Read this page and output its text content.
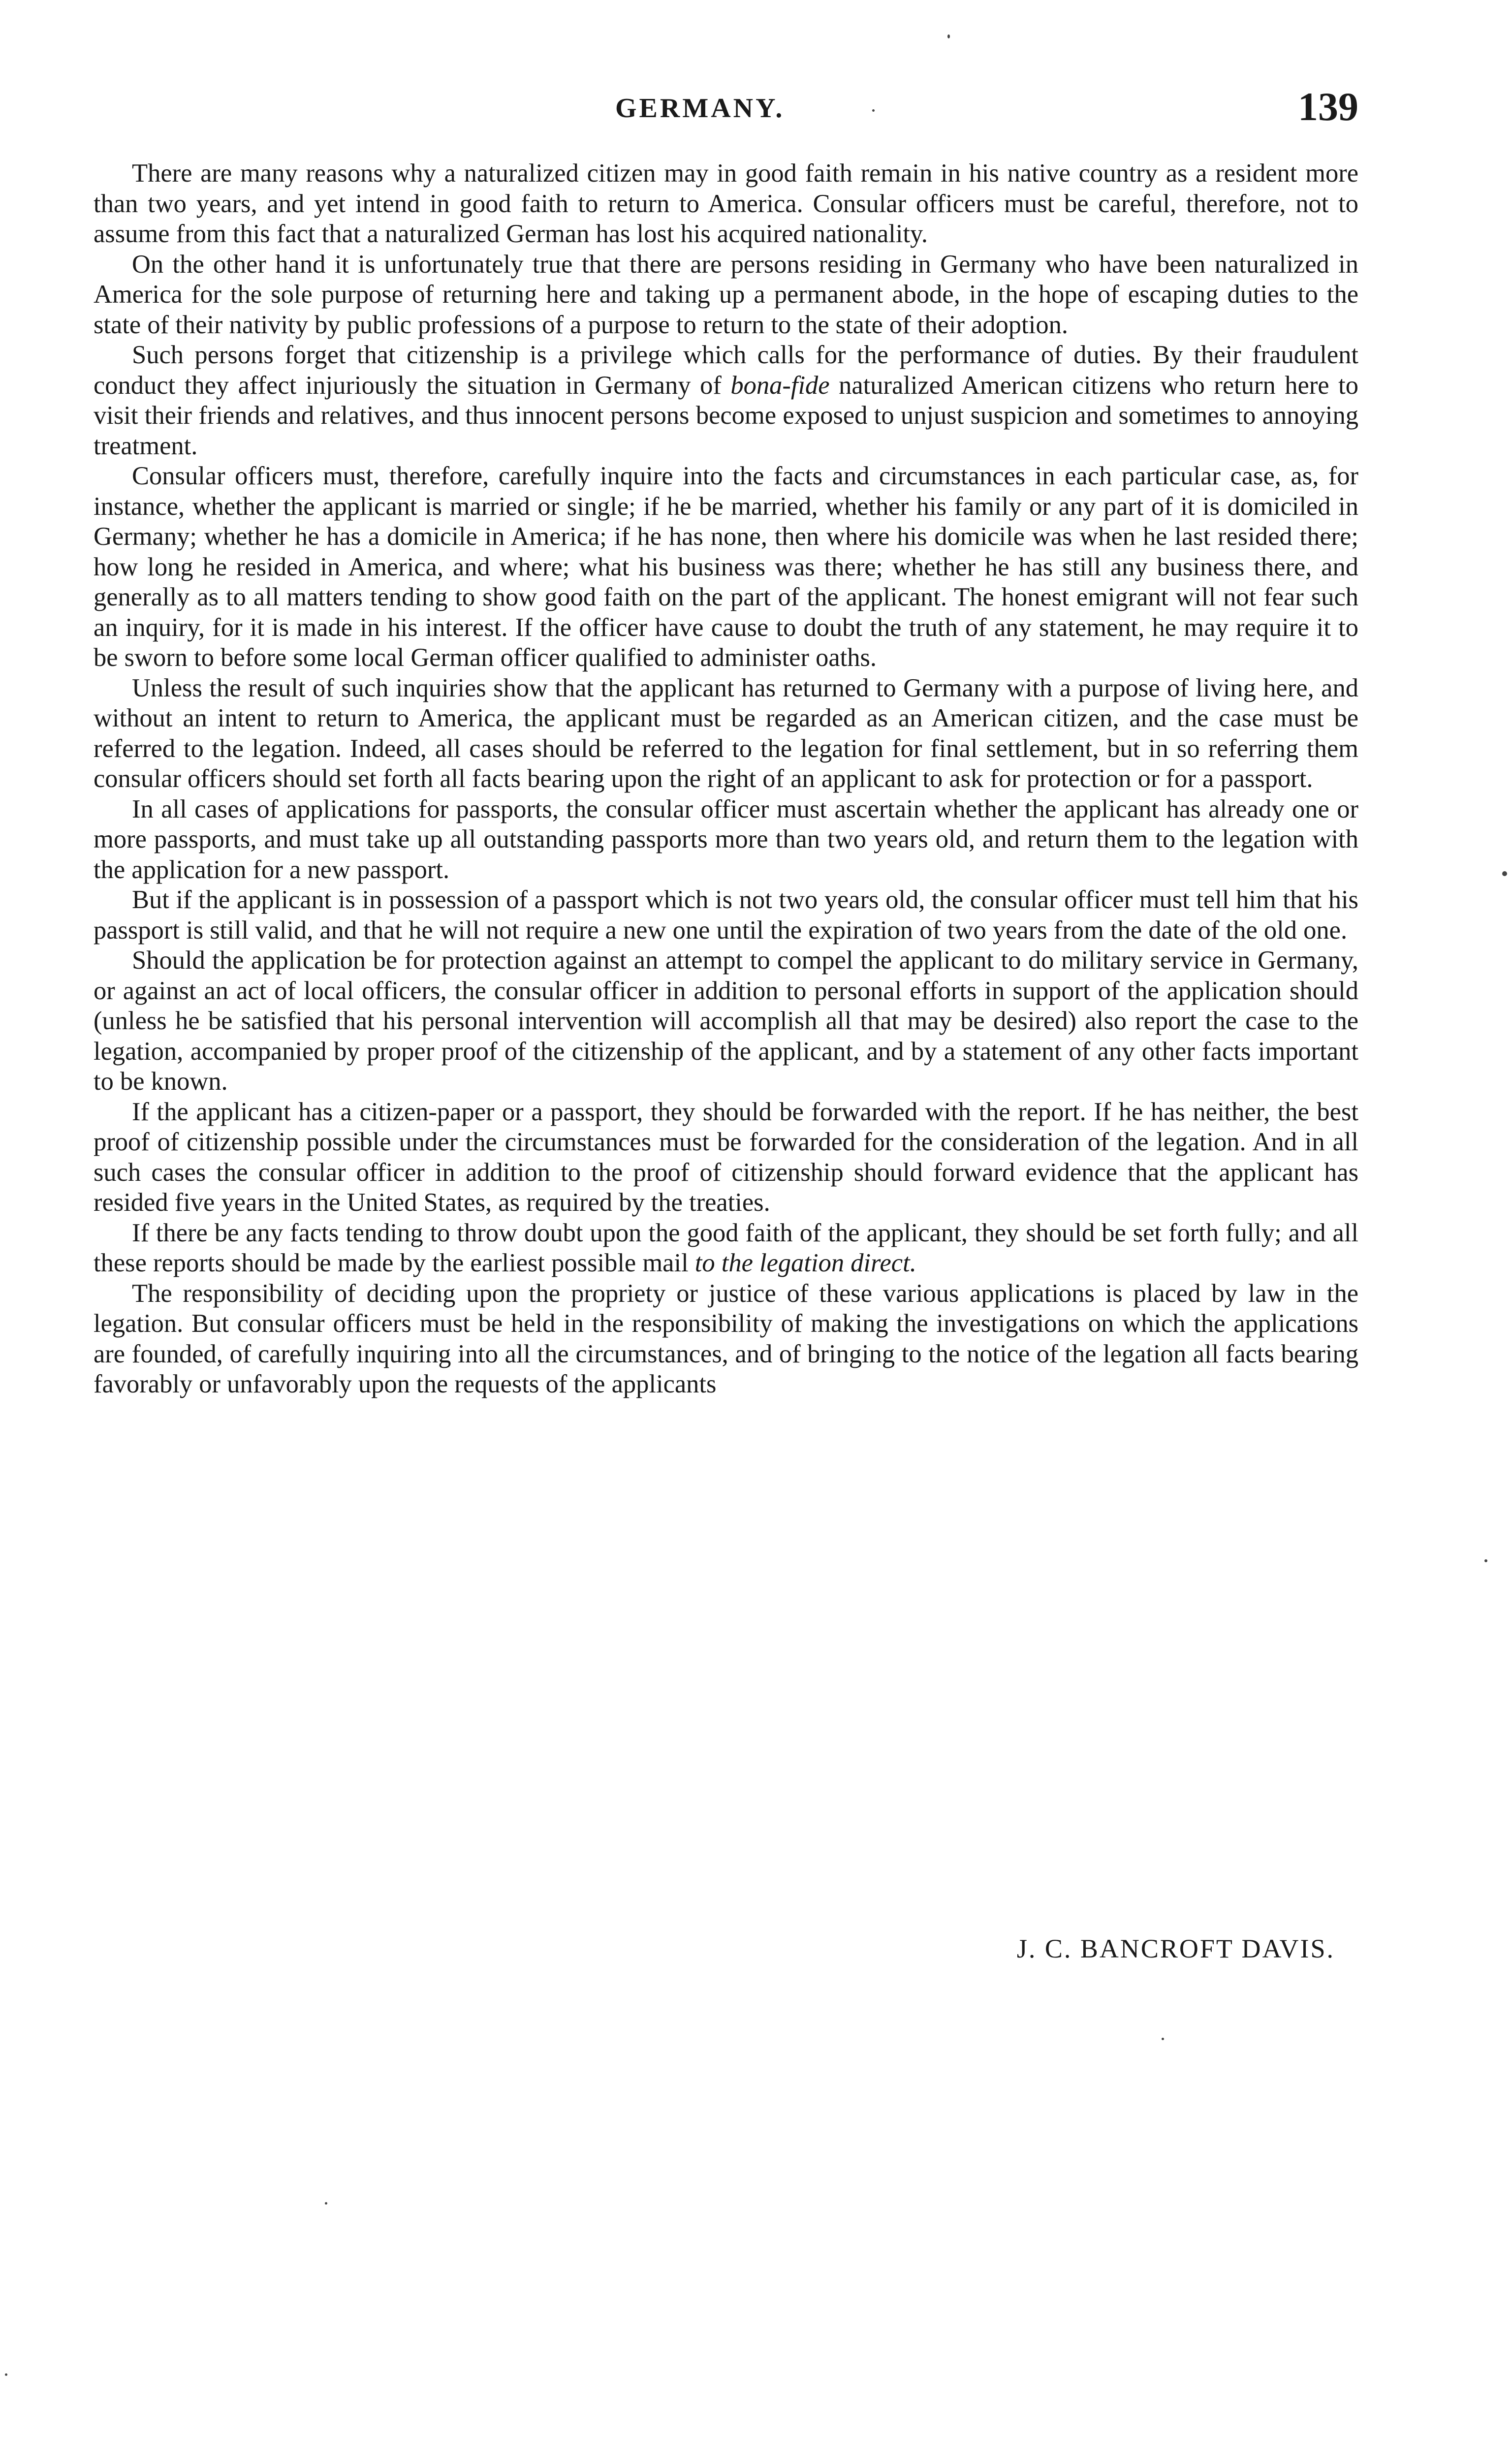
GERMANY.	139

There are many reasons why a naturalized citizen may in good faith remain in his native country as a resident more than two years, and yet intend in good faith to return to America. Consular officers must be careful, therefore, not to assume from this fact that a naturalized German has lost his acquired nationality.

On the other hand it is unfortunately true that there are persons residing in Germany who have been naturalized in America for the sole purpose of returning here and taking up a permanent abode, in the hope of escaping duties to the state of their nativity by public professions of a purpose to return to the state of their adoption.

Such persons forget that citizenship is a privilege which calls for the performance of duties. By their fraudulent conduct they affect injuriously the situation in Germany of bona-fide naturalized American citizens who return here to visit their friends and relatives, and thus innocent persons become exposed to unjust suspicion and sometimes to annoying treatment.

Consular officers must, therefore, carefully inquire into the facts and circumstances in each particular case, as, for instance, whether the applicant is married or single; if he be married, whether his family or any part of it is domiciled in Germany; whether he has a domicile in America; if he has none, then where his domicile was when he last resided there; how long he resided in America, and where; what his business was there; whether he has still any business there, and generally as to all matters tending to show good faith on the part of the applicant. The honest emigrant will not fear such an inquiry, for it is made in his interest. If the officer have cause to doubt the truth of any statement, he may require it to be sworn to before some local German officer qualified to administer oaths.

Unless the result of such inquiries show that the applicant has returned to Germany with a purpose of living here, and without an intent to return to America, the applicant must be regarded as an American citizen, and the case must be referred to the legation. Indeed, all cases should be referred to the legation for final settlement, but in so referring them consular officers should set forth all facts bearing upon the right of an applicant to ask for protection or for a passport.

In all cases of applications for passports, the consular officer must ascertain whether the applicant has already one or more passports, and must take up all outstanding passports more than two years old, and return them to the legation with the application for a new passport.

But if the applicant is in possession of a passport which is not two years old, the consular officer must tell him that his passport is still valid, and that he will not require a new one until the expiration of two years from the date of the old one.

Should the application be for protection against an attempt to compel the applicant to do military service in Germany, or against an act of local officers, the consular officer in addition to personal efforts in support of the application should (unless he be satisfied that his personal intervention will accomplish all that may be desired) also report the case to the legation, accompanied by proper proof of the citizenship of the applicant, and by a statement of any other facts important to be known.

If the applicant has a citizen-paper or a passport, they should be forwarded with the report. If he has neither, the best proof of citizenship possible under the circumstances must be forwarded for the consideration of the legation. And in all such cases the consular officer in addition to the proof of citizenship should forward evidence that the applicant has resided five years in the United States, as required by the treaties.

If there be any facts tending to throw doubt upon the good faith of the applicant, they should be set forth fully; and all these reports should be made by the earliest possible mail to the legation direct.

The responsibility of deciding upon the propriety or justice of these various applications is placed by law in the legation. But consular officers must be held in the responsibility of making the investigations on which the applications are founded, of carefully inquiring into all the circumstances, and of bringing to the notice of the legation all facts bearing favorably or unfavorably upon the requests of the applicants

J. C. BANCROFT DAVIS.
